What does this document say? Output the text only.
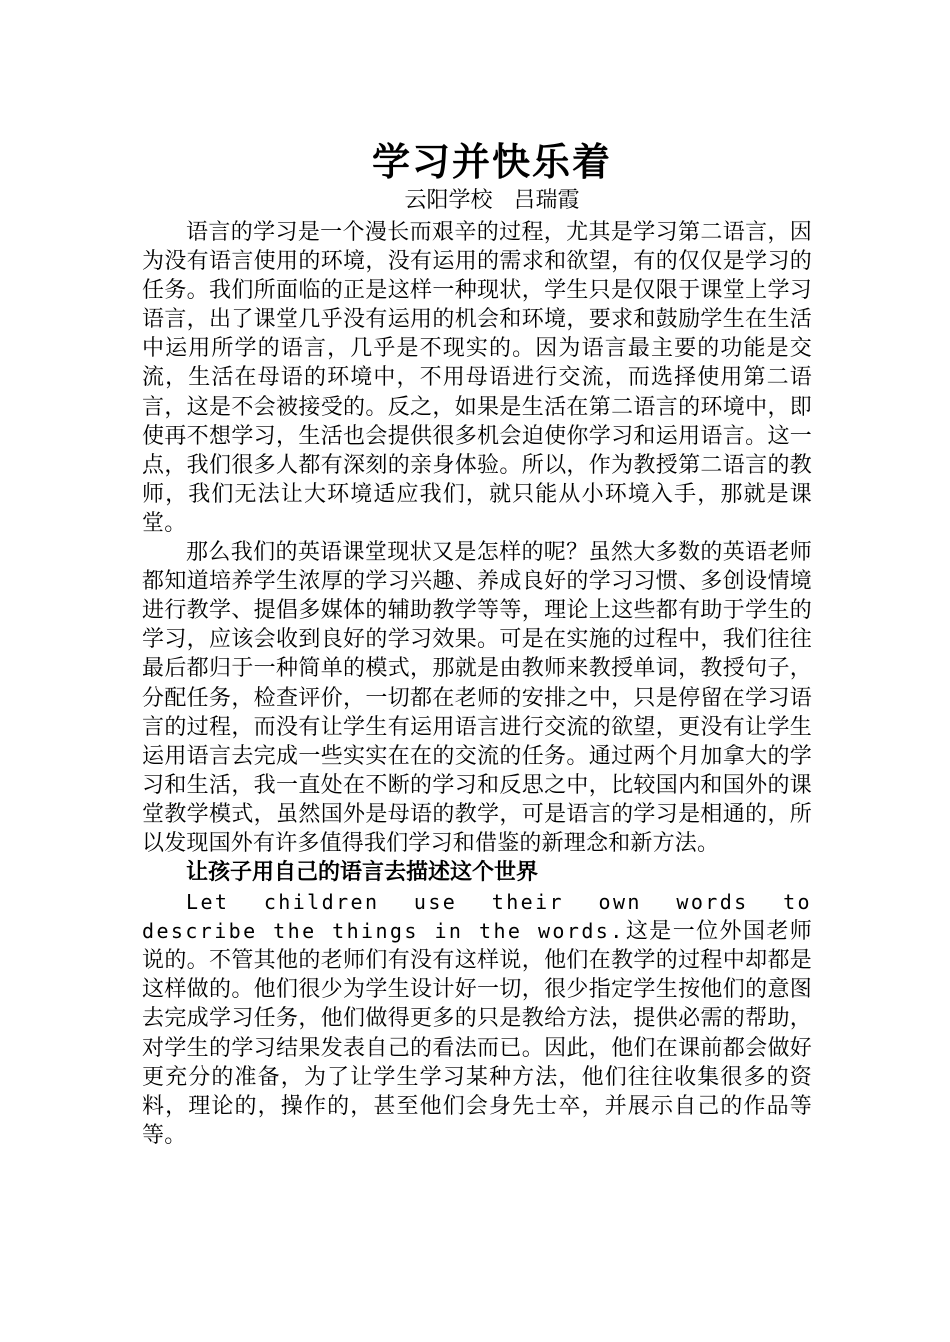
学习并快乐着

云阳学校   吕瑞霞

语言的学习是一个漫长而艰辛的过程，尤其是学习第二语言，因为没有语言使用的环境，没有运用的需求和欲望，有的仅仅是学习的任务。我们所面临的正是这样一种现状，学生只是仅限于课堂上学习语言，出了课堂几乎没有运用的机会和环境，要求和鼓励学生在生活中运用所学的语言，几乎是不现实的。因为语言最主要的功能是交流，生活在母语的环境中，不用母语进行交流，而选择使用第二语言，这是不会被接受的。反之，如果是生活在第二语言的环境中，即使再不想学习，生活也会提供很多机会迫使你学习和运用语言。这一点，我们很多人都有深刻的亲身体验。所以，作为教授第二语言的教师，我们无法让大环境适应我们，就只能从小环境入手，那就是课堂。

那么我们的英语课堂现状又是怎样的呢？虽然大多数的英语老师都知道培养学生浓厚的学习兴趣、养成良好的学习习惯、多创设情境进行教学、提倡多媒体的辅助教学等等，理论上这些都有助于学生的学习，应该会收到良好的学习效果。可是在实施的过程中，我们往往最后都归于一种简单的模式，那就是由教师来教授单词，教授句子，分配任务，检查评价，一切都在老师的安排之中，只是停留在学习语言的过程，而没有让学生有运用语言进行交流的欲望，更没有让学生运用语言去完成一些实实在在的交流的任务。通过两个月加拿大的学习和生活，我一直处在不断的学习和反思之中，比较国内和国外的课堂教学模式，虽然国外是母语的教学，可是语言的学习是相通的，所以发现国外有许多值得我们学习和借鉴的新理念和新方法。

让孩子用自己的语言去描述这个世界

Let children use their own words to describe the things in the words.这是一位外国老师说的。不管其他的老师们有没有这样说，他们在教学的过程中却都是这样做的。他们很少为学生设计好一切，很少指定学生按他们的意图去完成学习任务，他们做得更多的只是教给方法，提供必需的帮助，对学生的学习结果发表自己的看法而已。因此，他们在课前都会做好更充分的准备，为了让学生学习某种方法，他们往往收集很多的资料，理论的，操作的，甚至他们会身先士卒，并展示自己的作品等等。
